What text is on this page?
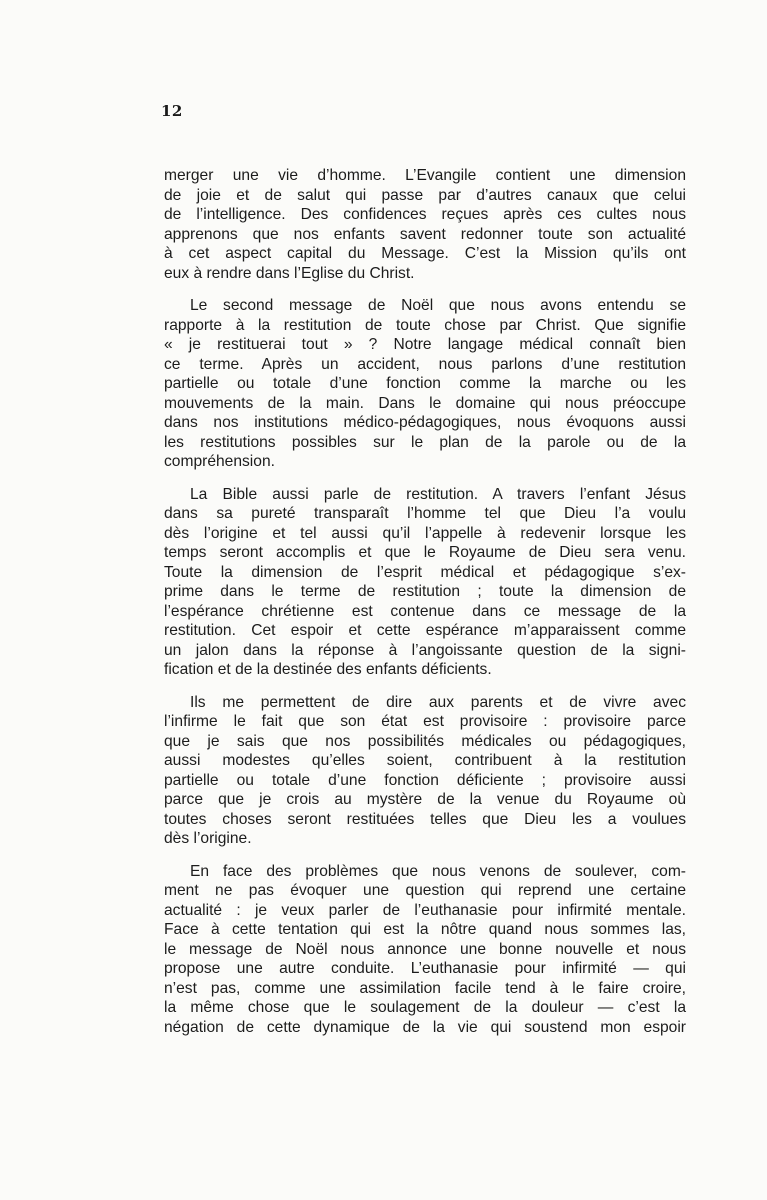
12

merger une vie d’homme. L’Evangile contient une dimension
de joie et de salut qui passe par d’autres canaux que celui
de l’intelligence. Des confidences reçues après ces cultes nous
apprenons que nos enfants savent redonner toute son actualité
à cet aspect capital du Message. C’est la Mission qu’ils ont
eux à rendre dans l’Eglise du Christ.

Le second message de Noël que nous avons entendu se
rapporte à la restitution de toute chose par Christ. Que signifie
« je restituerai tout » ? Notre langage médical connaît bien
ce terme. Après un accident, nous parlons d’une restitution
partielle ou totale d’une fonction comme la marche ou les
mouvements de la main. Dans le domaine qui nous préoccupe
dans nos institutions médico-pédagogiques, nous évoquons aussi
les restitutions possibles sur le plan de la parole ou de la
compréhension.

La Bible aussi parle de restitution. A travers l’enfant Jésus
dans sa pureté transparaît l’homme tel que Dieu l’a voulu
dès l’origine et tel aussi qu’il l’appelle à redevenir lorsque les
temps seront accomplis et que le Royaume de Dieu sera venu.
Toute la dimension de l’esprit médical et pédagogique s’ex-
prime dans le terme de restitution ; toute la dimension de
l’espérance chrétienne est contenue dans ce message de la
restitution. Cet espoir et cette espérance m’apparaissent comme
un jalon dans la réponse à l’angoissante question de la signi-
fication et de la destinée des enfants déficients.

Ils me permettent de dire aux parents et de vivre avec
l’infirme le fait que son état est provisoire : provisoire parce
que je sais que nos possibilités médicales ou pédagogiques,
aussi modestes qu’elles soient, contribuent à la restitution
partielle ou totale d’une fonction déficiente ; provisoire aussi
parce que je crois au mystère de la venue du Royaume où
toutes choses seront restituées telles que Dieu les a voulues
dès l’origine.

En face des problèmes que nous venons de soulever, com-
ment ne pas évoquer une question qui reprend une certaine
actualité : je veux parler de l’euthanasie pour infirmité mentale.
Face à cette tentation qui est la nôtre quand nous sommes las,
le message de Noël nous annonce une bonne nouvelle et nous
propose une autre conduite. L’euthanasie pour infirmité — qui
n’est pas, comme une assimilation facile tend à le faire croire,
la même chose que le soulagement de la douleur — c’est la
négation de cette dynamique de la vie qui soustend mon espoir
